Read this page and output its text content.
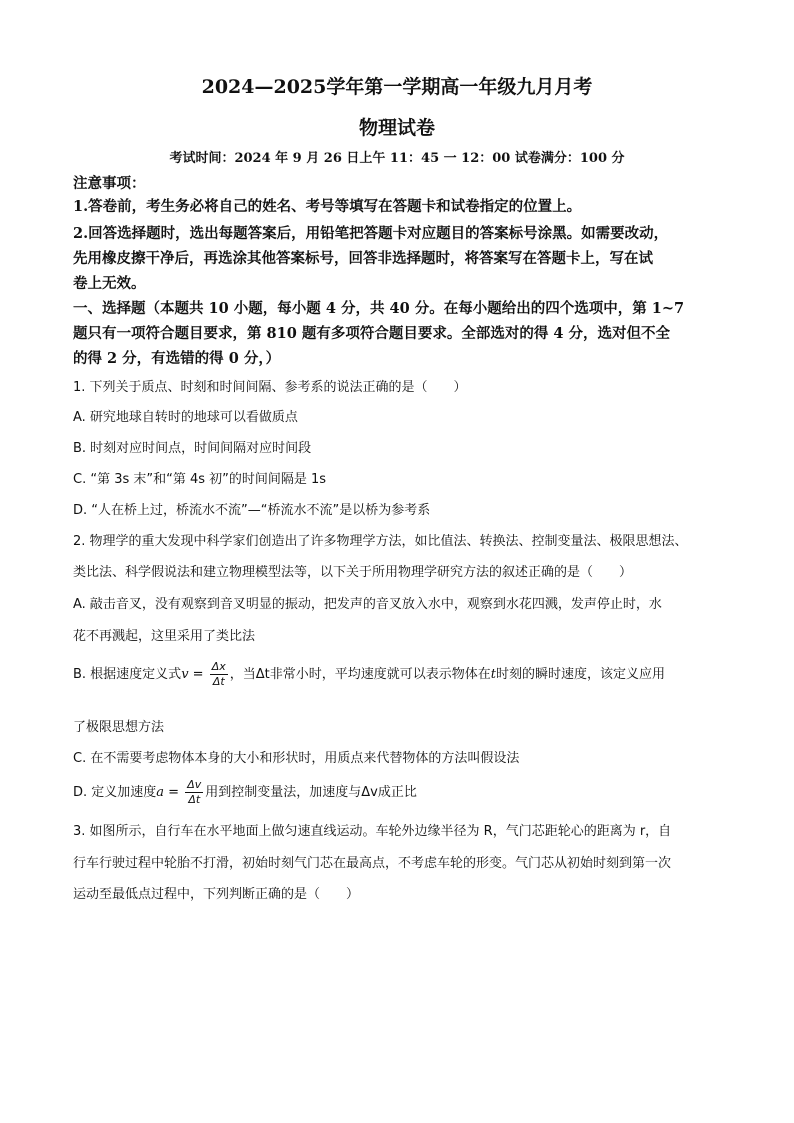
2024—2025学年第一学期高一年级九月月考
物理试卷
考试时间：2024 年 9 月 26 日上午 11：45 一 12：00 试卷满分：100 分
注意事项：
1.答卷前，考生务必将自己的姓名、考号等填写在答题卡和试卷指定的位置上。
2.回答选择题时，选出每题答案后，用铅笔把答题卡对应题目的答案标号涂黑。如需要改动，
先用橡皮擦干净后，再选涂其他答案标号，回答非选择题时，将答案写在答题卡上，写在试
卷上无效。
一、选择题（本题共 10 小题，每小题 4 分，共 40 分。在每小题给出的四个选项中，第 1~7
题只有一项符合题目要求，第 810 题有多项符合题目要求。全部选对的得 4 分，选对但不全
的得 2 分，有选错的得 0 分，）
1. 下列关于质点、时刻和时间间隔、参考系的说法正确的是（　　）
A. 研究地球自转时的地球可以看做质点
B. 时刻对应时间点，时间间隔对应时间段
C. “第 3s 末”和“第 4s 初”的时间间隔是 1s
D. “人在桥上过，桥流水不流”—“桥流水不流”是以桥为参考系
2. 物理学的重大发现中科学家们创造出了许多物理学方法，如比值法、转换法、控制变量法、极限思想法、
类比法、科学假说法和建立物理模型法等，以下关于所用物理学研究方法的叙述正确的是（　　）
A. 敲击音叉，没有观察到音叉明显的振动，把发声的音叉放入水中，观察到水花四溅，发声停止时，水
花不再溅起，这里采用了类比法
B. 根据速度定义式$v = \frac{\Delta x}{\Delta t}$ ，当Δt非常小时，平均速度就可以表示物体在t时刻的瞬时速度，该定义应用
了极限思想方法
C. 在不需要考虑物体本身的大小和形状时，用质点来代替物体的方法叫假设法
D. 定义加速度$a = \frac{\Delta v}{\Delta t}$ 用到控制变量法，加速度与Δv成正比
3. 如图所示，自行车在水平地面上做匀速直线运动。车轮外边缘半径为 R，气门芯距轮心的距离为 r，自
行车行驶过程中轮胎不打滑，初始时刻气门芯在最高点，不考虑车轮的形变。气门芯从初始时刻到第一次
运动至最低点过程中，下列判断正确的是（　　）
